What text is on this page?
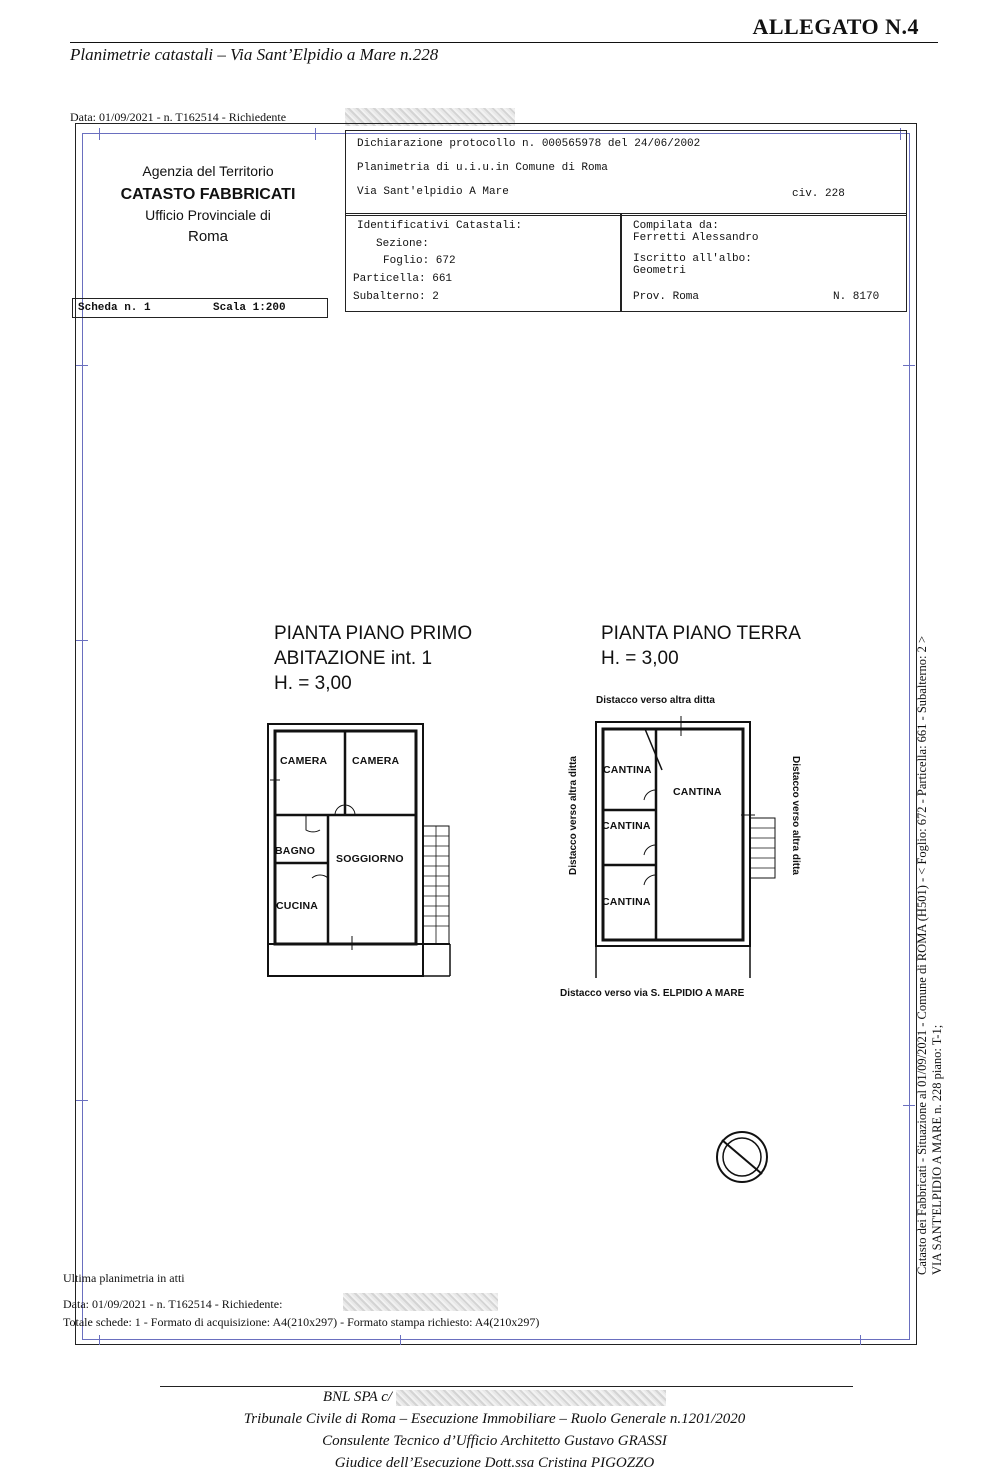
ALLEGATO N.4
Planimetrie catastali – Via Sant’Elpidio a Mare n.228
Data: 01/09/2021 - n. T162514 - Richiedente
Agenzia del Territorio
CATASTO FABBRICATI
Ufficio Provinciale di
Roma
Dichiarazione protocollo n. 000565978 del 24/06/2002
Planimetria di u.i.u.in Comune di Roma
Via Sant'elpidio A Mare	civ. 228
Identificativi Catastali:
Sezione:
Foglio: 672
Particella: 661
Subalterno: 2
Compilata da:
Ferretti Alessandro
Iscritto all'albo:
Geometri
Prov. Roma	N. 8170
Scheda n. 1	Scala 1:200
PIANTA PIANO PRIMO
ABITAZIONE int. 1
H. = 3,00
PIANTA PIANO TERRA
H. = 3,00
CAMERA CAMERA
BAGNO
SOGGIORNO
CUCINA
CANTINA
CANTINA
CANTINA
CANTINA
Distacco verso altra ditta
Distacco verso altra ditta	Distacco verso altra ditta
Distacco verso via S. ELPIDIO A MARE	Catasto dei Fabbricati - Situazione al 01/09/2021 - Comune di ROMA (H501) - < Foglio: 672 - Particella: 661 - Subalterno: 2 > VIA SANT'ELPIDIO A MARE n. 228 piano: T-1;
Ultima planimetria in atti
Data: 01/09/2021 - n. T162514 - Richiedente:
Totale schede: 1 - Formato di acquisizione: A4(210x297) - Formato stampa richiesto: A4(210x297)
BNL SPA c/
Tribunale Civile di Roma – Esecuzione Immobiliare – Ruolo Generale n.1201/2020
Consulente Tecnico d’Ufficio Architetto Gustavo GRASSI
Giudice dell’Esecuzione Dott.ssa Cristina PIGOZZO
